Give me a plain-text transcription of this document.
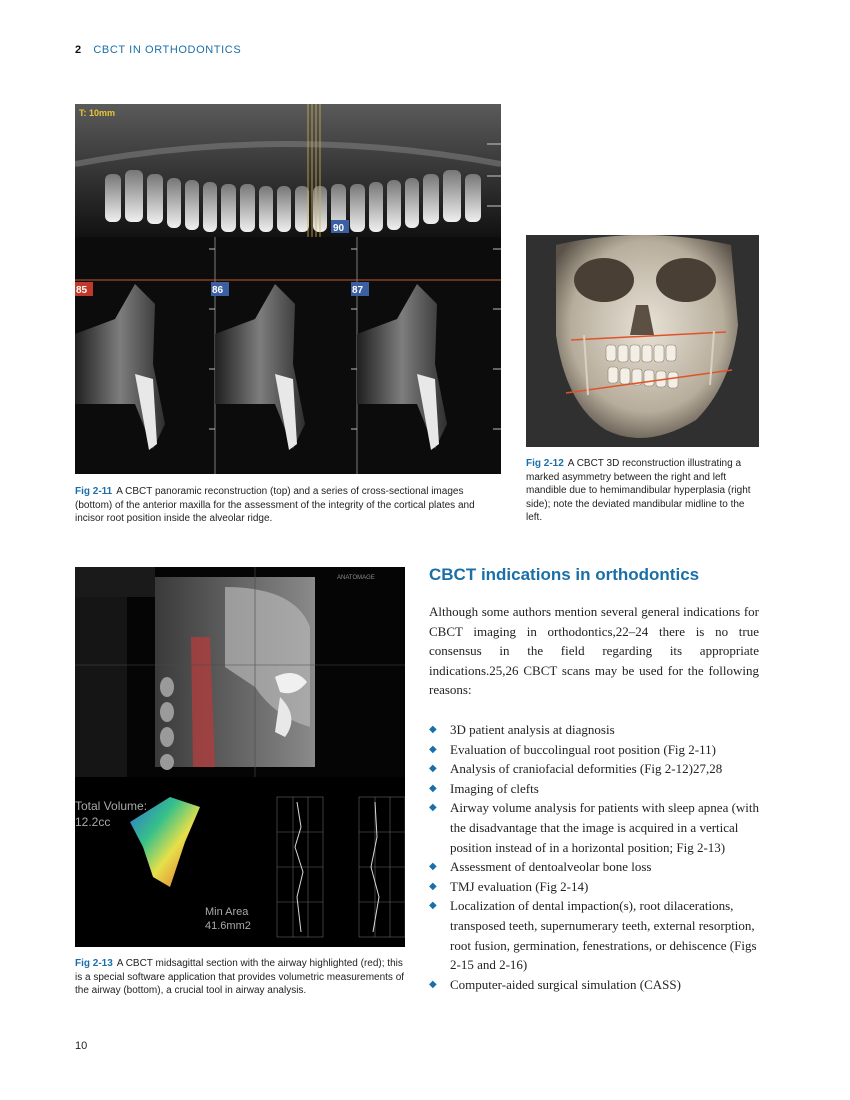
2 CBCT IN ORTHODONTICS
T: 10mm
90
85	86	87

Fig 2-11 A CBCT panoramic reconstruction (top) and a series of cross-sectional images (bottom) of the anterior maxilla for the assessment of the integrity of the cortical plates and incisor root position inside the alveolar ridge.

Fig 2-12 A CBCT 3D reconstruction illustrating a marked asymmetry between the right and left mandible due to hemimandibular hyperplasia (right side); note the deviated mandibular midline to the left.

ANATOMAGE
Total Volume:
12.2cc
Min Area
41.6mm2

Fig 2-13 A CBCT midsagittal section with the airway highlighted (red); this is a special software application that provides volumetric measurements of the airway (bottom), a crucial tool in airway analysis.

CBCT indications in orthodontics

Although some authors mention several general indications for CBCT imaging in orthodontics,22–24 there is no true consensus in the field regarding its appropriate indications.25,26 CBCT scans may be used for the following reasons:

◆ 3D patient analysis at diagnosis
◆ Evaluation of buccolingual root position (Fig 2-11)
◆ Analysis of craniofacial deformities (Fig 2-12)27,28
◆ Imaging of clefts
◆ Airway volume analysis for patients with sleep apnea (with the disadvantage that the image is acquired in a vertical position instead of in a horizontal position; Fig 2-13)
◆ Assessment of dentoalveolar bone loss
◆ TMJ evaluation (Fig 2-14)
◆ Localization of dental impaction(s), root dilacerations, transposed teeth, supernumerary teeth, external resorption, root fusion, germination, fenestrations, or dehiscence (Figs 2-15 and 2-16)
◆ Computer-aided surgical simulation (CASS)
10
